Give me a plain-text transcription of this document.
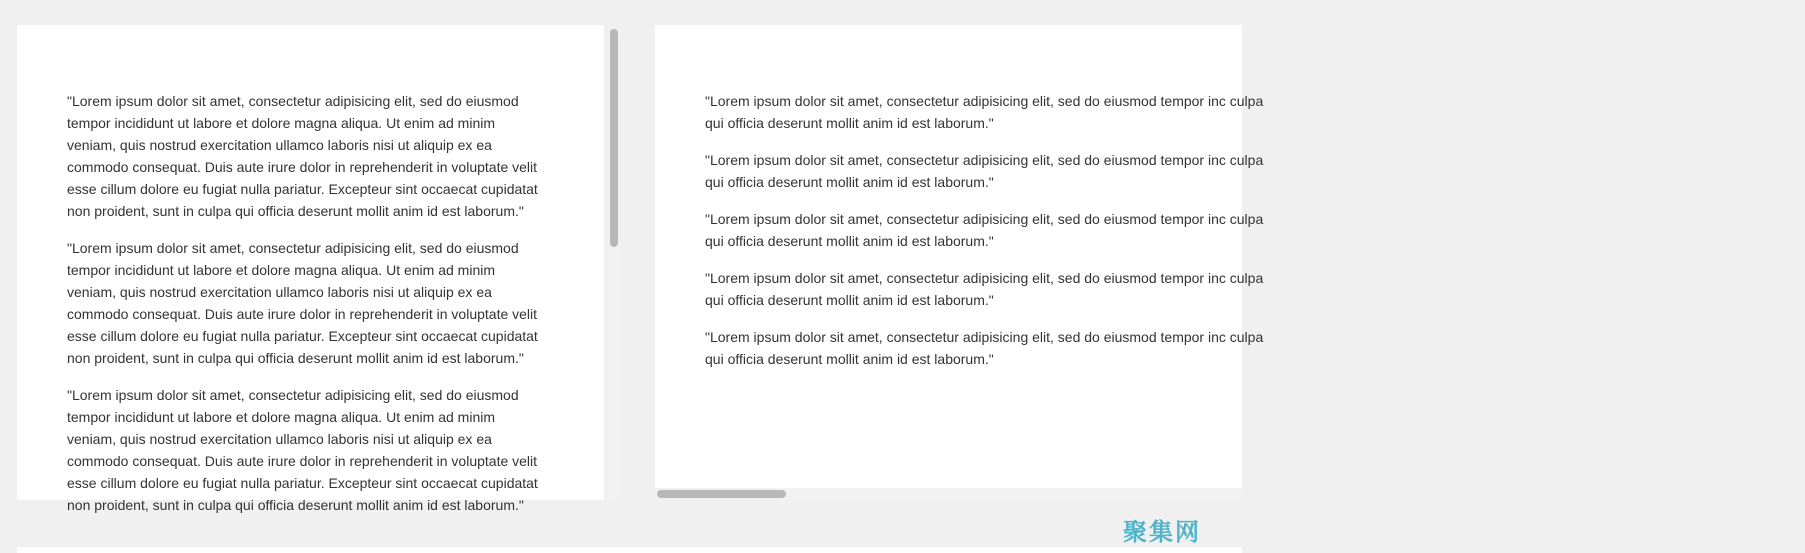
"Lorem ipsum dolor sit amet, consectetur adipisicing elit, sed do eiusmod tempor incididunt ut labore et dolore magna aliqua. Ut enim ad minim veniam, quis nostrud exercitation ullamco laboris nisi ut aliquip ex ea commodo consequat. Duis aute irure dolor in reprehenderit in voluptate velit esse cillum dolore eu fugiat nulla pariatur. Excepteur sint occaecat cupidatat non proident, sunt in culpa qui officia deserunt mollit anim id est laborum."

"Lorem ipsum dolor sit amet, consectetur adipisicing elit, sed do eiusmod tempor incididunt ut labore et dolore magna aliqua. Ut enim ad minim veniam, quis nostrud exercitation ullamco laboris nisi ut aliquip ex ea commodo consequat. Duis aute irure dolor in reprehenderit in voluptate velit esse cillum dolore eu fugiat nulla pariatur. Excepteur sint occaecat cupidatat non proident, sunt in culpa qui officia deserunt mollit anim id est laborum."

"Lorem ipsum dolor sit amet, consectetur adipisicing elit, sed do eiusmod tempor incididunt ut labore et dolore magna aliqua. Ut enim ad minim veniam, quis nostrud exercitation ullamco laboris nisi ut aliquip ex ea commodo consequat. Duis aute irure dolor in reprehenderit in voluptate velit esse cillum dolore eu fugiat nulla pariatur. Excepteur sint occaecat cupidatat non proident, sunt in culpa qui officia deserunt mollit anim id est laborum."

"Lorem ipsum dolor sit amet, consectetur adipisicing elit, sed do eiusmod tempor inc culpa qui officia deserunt mollit anim id est laborum."

"Lorem ipsum dolor sit amet, consectetur adipisicing elit, sed do eiusmod tempor inc culpa qui officia deserunt mollit anim id est laborum."

"Lorem ipsum dolor sit amet, consectetur adipisicing elit, sed do eiusmod tempor inc culpa qui officia deserunt mollit anim id est laborum."

"Lorem ipsum dolor sit amet, consectetur adipisicing elit, sed do eiusmod tempor inc culpa qui officia deserunt mollit anim id est laborum."

"Lorem ipsum dolor sit amet, consectetur adipisicing elit, sed do eiusmod tempor inc culpa qui officia deserunt mollit anim id est laborum."

聚集网
